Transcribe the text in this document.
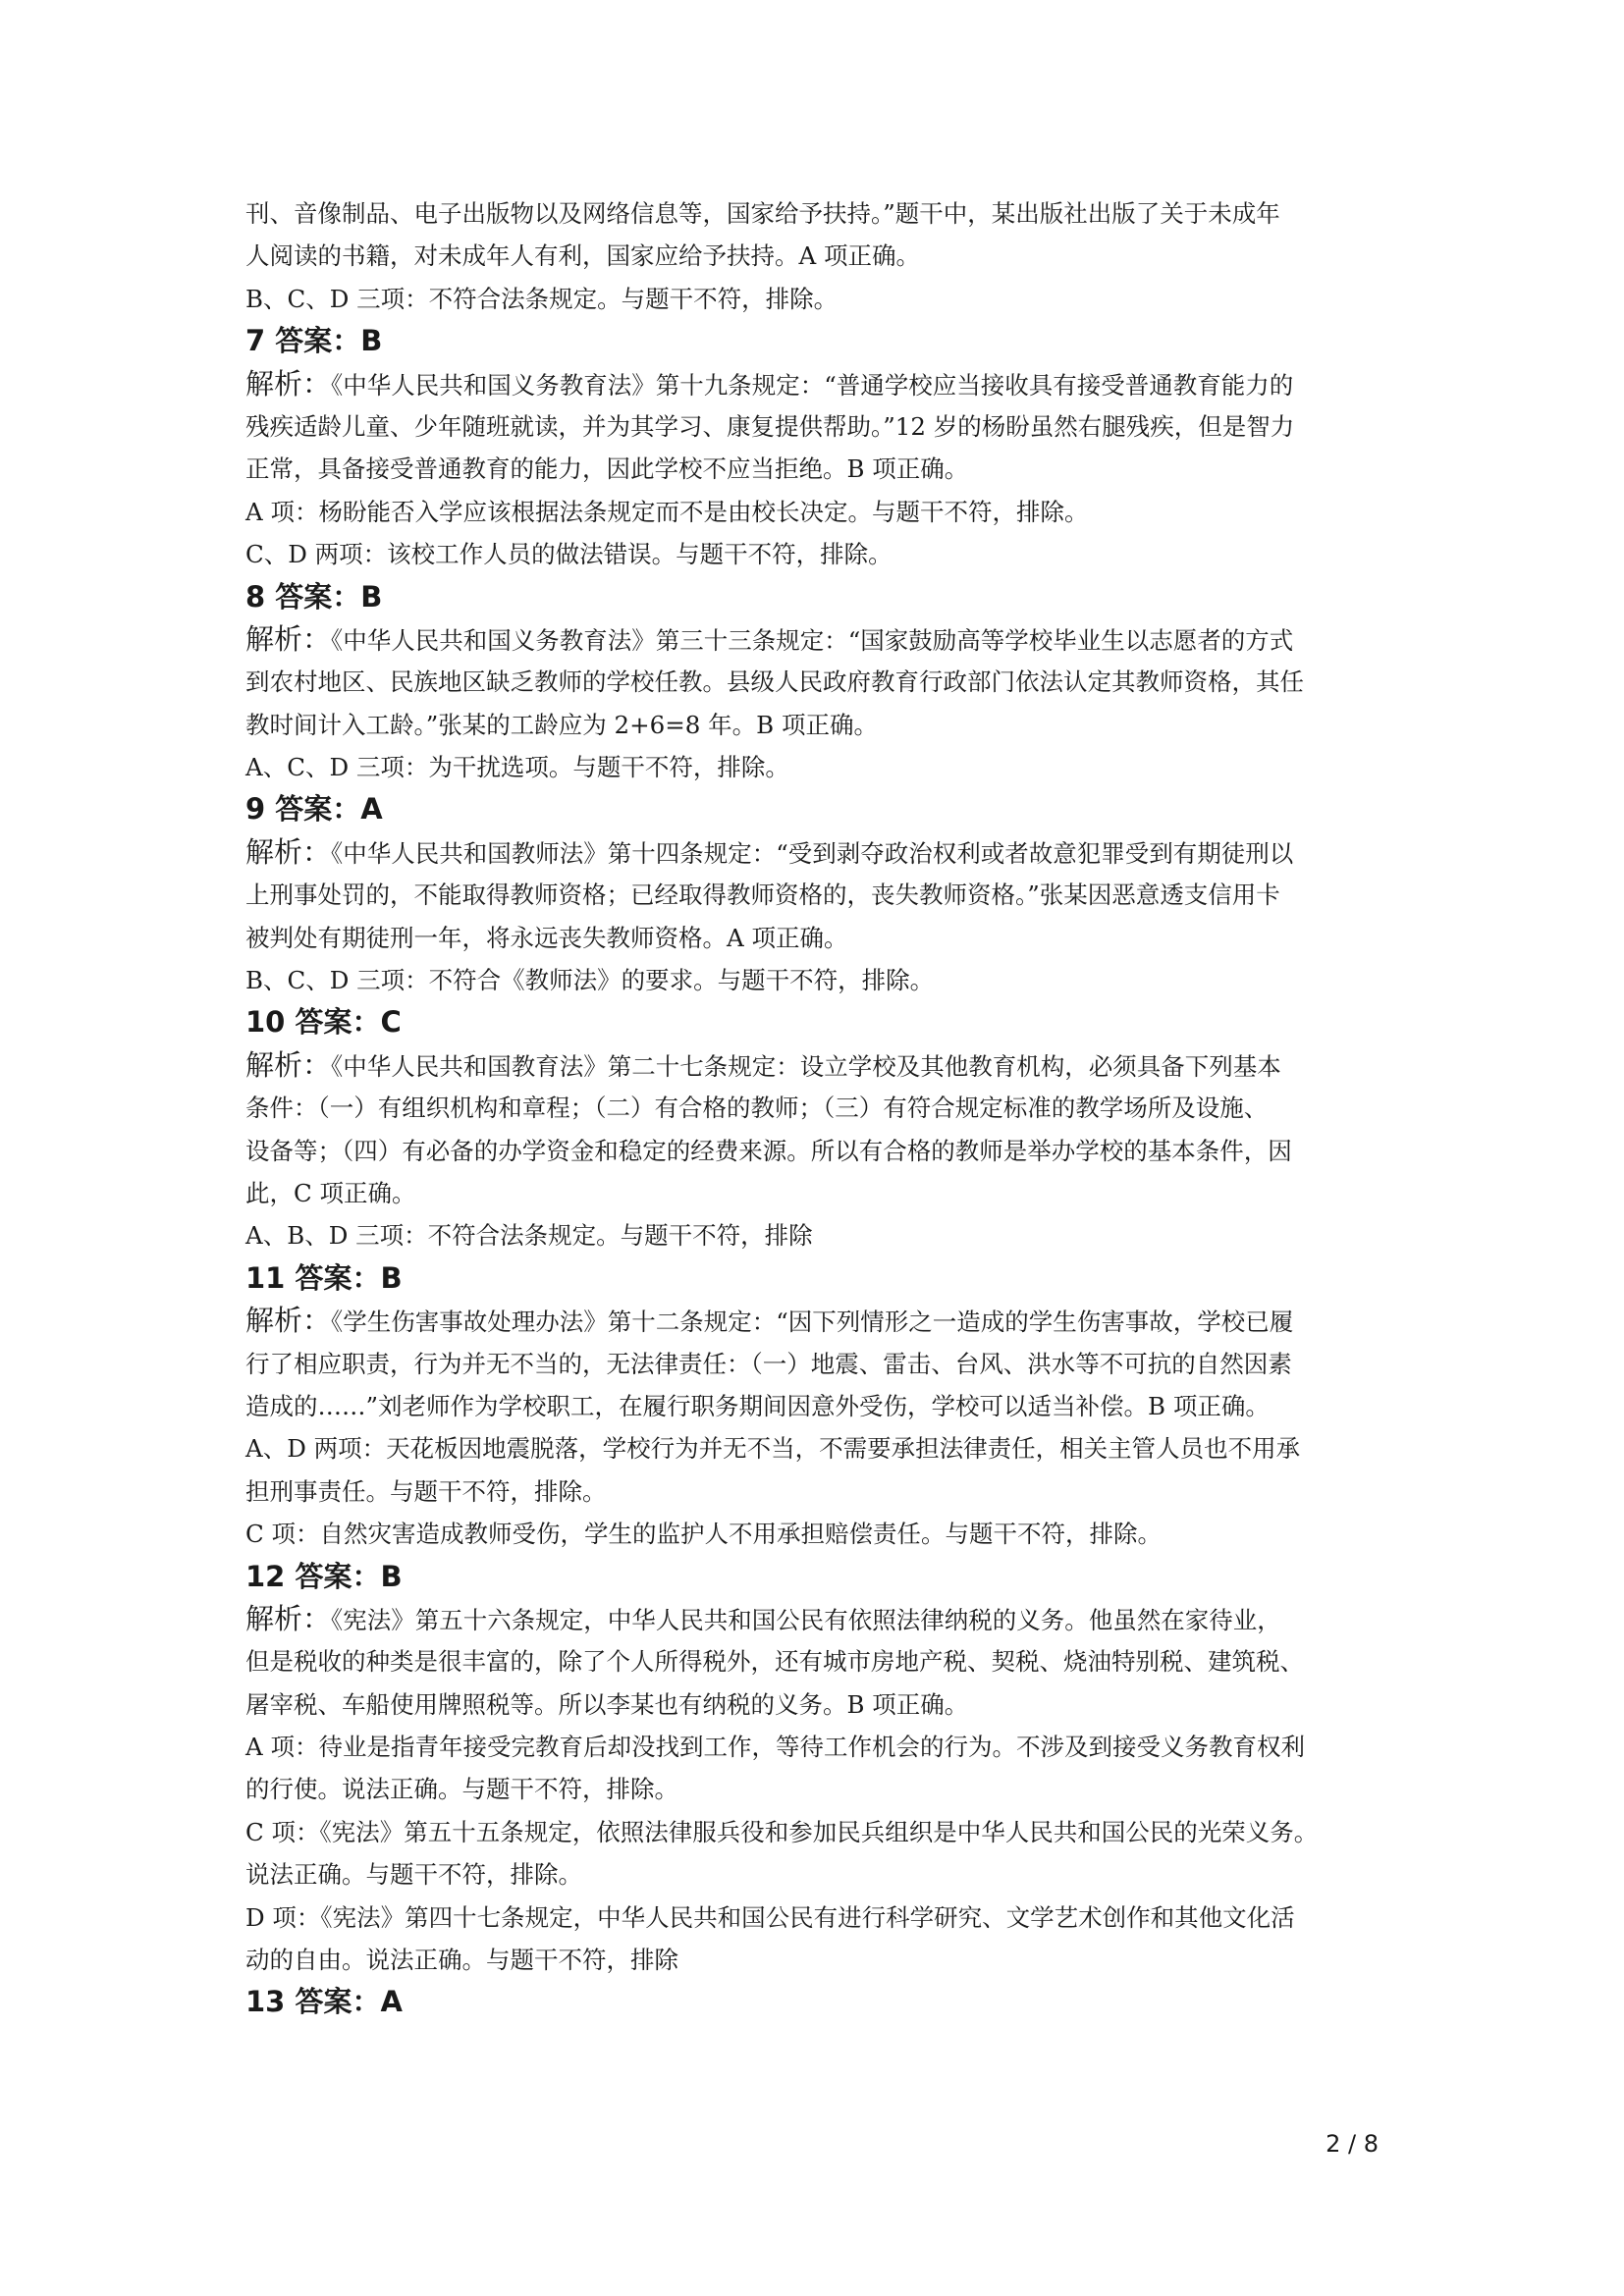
刊、音像制品、电子出版物以及网络信息等，国家给予扶持。”题干中，某出版社出版了关于未成年

人阅读的书籍，对未成年人有利，国家应给予扶持。A 项正确。

B、C、D 三项：不符合法条规定。与题干不符，排除。

7 答案：B

解析：《中华人民共和国义务教育法》第十九条规定：“普通学校应当接收具有接受普通教育能力的

残疾适龄儿童、少年随班就读，并为其学习、康复提供帮助。”12 岁的杨盼虽然右腿残疾，但是智力

正常，具备接受普通教育的能力，因此学校不应当拒绝。B 项正确。

A 项：杨盼能否入学应该根据法条规定而不是由校长决定。与题干不符，排除。

C、D 两项：该校工作人员的做法错误。与题干不符，排除。

8 答案：B

解析：《中华人民共和国义务教育法》第三十三条规定：“国家鼓励高等学校毕业生以志愿者的方式

到农村地区、民族地区缺乏教师的学校任教。县级人民政府教育行政部门依法认定其教师资格，其任

教时间计入工龄。”张某的工龄应为 2+6=8 年。B 项正确。

A、C、D 三项：为干扰选项。与题干不符，排除。

9 答案：A

解析：《中华人民共和国教师法》第十四条规定：“受到剥夺政治权利或者故意犯罪受到有期徒刑以

上刑事处罚的，不能取得教师资格；已经取得教师资格的，丧失教师资格。”张某因恶意透支信用卡

被判处有期徒刑一年，将永远丧失教师资格。A 项正确。

B、C、D 三项：不符合《教师法》的要求。与题干不符，排除。

10 答案：C

解析：《中华人民共和国教育法》第二十七条规定：设立学校及其他教育机构，必须具备下列基本

条件：（一）有组织机构和章程；（二）有合格的教师；（三）有符合规定标准的教学场所及设施、

设备等；（四）有必备的办学资金和稳定的经费来源。所以有合格的教师是举办学校的基本条件，因

此，C 项正确。

A、B、D 三项：不符合法条规定。与题干不符，排除

11 答案：B

解析：《学生伤害事故处理办法》第十二条规定：“因下列情形之一造成的学生伤害事故，学校已履

行了相应职责，行为并无不当的，无法律责任：（一）地震、雷击、台风、洪水等不可抗的自然因素

造成的……”刘老师作为学校职工，在履行职务期间因意外受伤，学校可以适当补偿。B 项正确。

A、D 两项：天花板因地震脱落，学校行为并无不当，不需要承担法律责任，相关主管人员也不用承

担刑事责任。与题干不符，排除。

C 项：自然灾害造成教师受伤，学生的监护人不用承担赔偿责任。与题干不符，排除。

12 答案：B

解析：《宪法》第五十六条规定，中华人民共和国公民有依照法律纳税的义务。他虽然在家待业，

但是税收的种类是很丰富的，除了个人所得税外，还有城市房地产税、契税、烧油特别税、建筑税、

屠宰税、车船使用牌照税等。所以李某也有纳税的义务。B 项正确。

A 项：待业是指青年接受完教育后却没找到工作，等待工作机会的行为。不涉及到接受义务教育权利

的行使。说法正确。与题干不符，排除。

C 项：《宪法》第五十五条规定，依照法律服兵役和参加民兵组织是中华人民共和国公民的光荣义务。

说法正确。与题干不符，排除。

D 项：《宪法》第四十七条规定，中华人民共和国公民有进行科学研究、文学艺术创作和其他文化活

动的自由。说法正确。与题干不符，排除

13 答案：A

2 / 8
